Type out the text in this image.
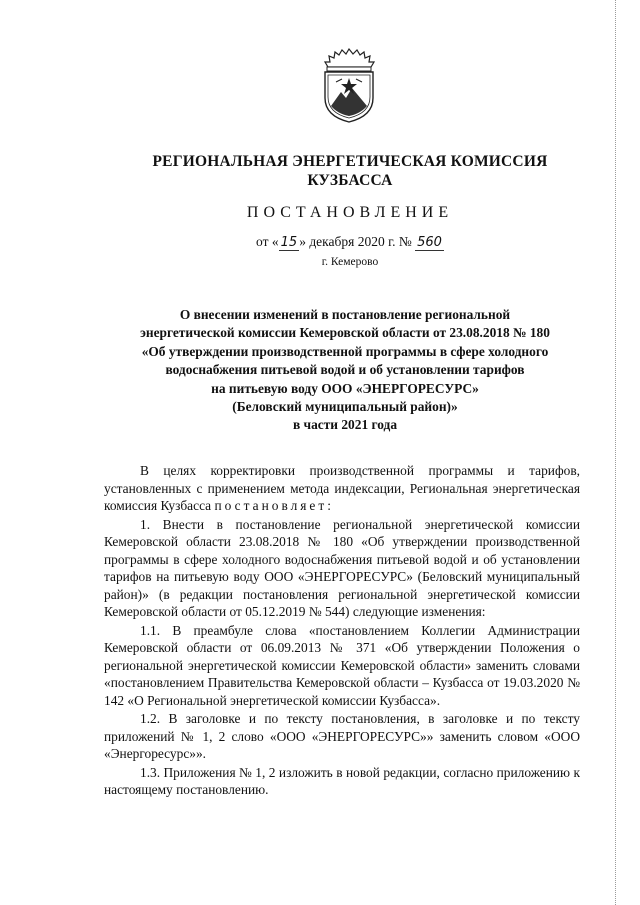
РЕГИОНАЛЬНАЯ ЭНЕРГЕТИЧЕСКАЯ КОМИССИЯ
КУЗБАССА
ПОСТАНОВЛЕНИЕ
от « 15 » декабря 2020 г. № 560
г. Кемерово
О внесении изменений в постановление региональной
энергетической комиссии Кемеровской области от 23.08.2018 № 180
«Об утверждении производственной программы в сфере холодного
водоснабжения питьевой водой и об установлении тарифов
на питьевую воду ООО «ЭНЕРГОРЕСУРС»
(Беловский муниципальный район)»
в части 2021 года

В целях корректировки производственной программы и тарифов, установленных с применением метода индексации, Региональная энергетическая комиссия Кузбасса постановляет:

1. Внести в постановление региональной энергетической комиссии Кемеровской области 23.08.2018 № 180 «Об утверждении производственной программы в сфере холодного водоснабжения питьевой водой и об установлении тарифов на питьевую воду ООО «ЭНЕРГОРЕСУРС» (Беловский муниципальный район)» (в редакции постановления региональной энергетической комиссии Кемеровской области от 05.12.2019 № 544) следующие изменения:

1.1. В преамбуле слова «постановлением Коллегии Администрации Кемеровской области от 06.09.2013 № 371 «Об утверждении Положения о региональной энергетической комиссии Кемеровской области» заменить словами «постановлением Правительства Кемеровской области – Кузбасса от 19.03.2020 № 142 «О Региональной энергетической комиссии Кузбасса».

1.2. В заголовке и по тексту постановления, в заголовке и по тексту приложений № 1, 2 слово «ООО «ЭНЕРГОРЕСУРС»» заменить словом «ООО «Энергоресурс»».

1.3. Приложения № 1, 2 изложить в новой редакции, согласно приложению к настоящему постановлению.
